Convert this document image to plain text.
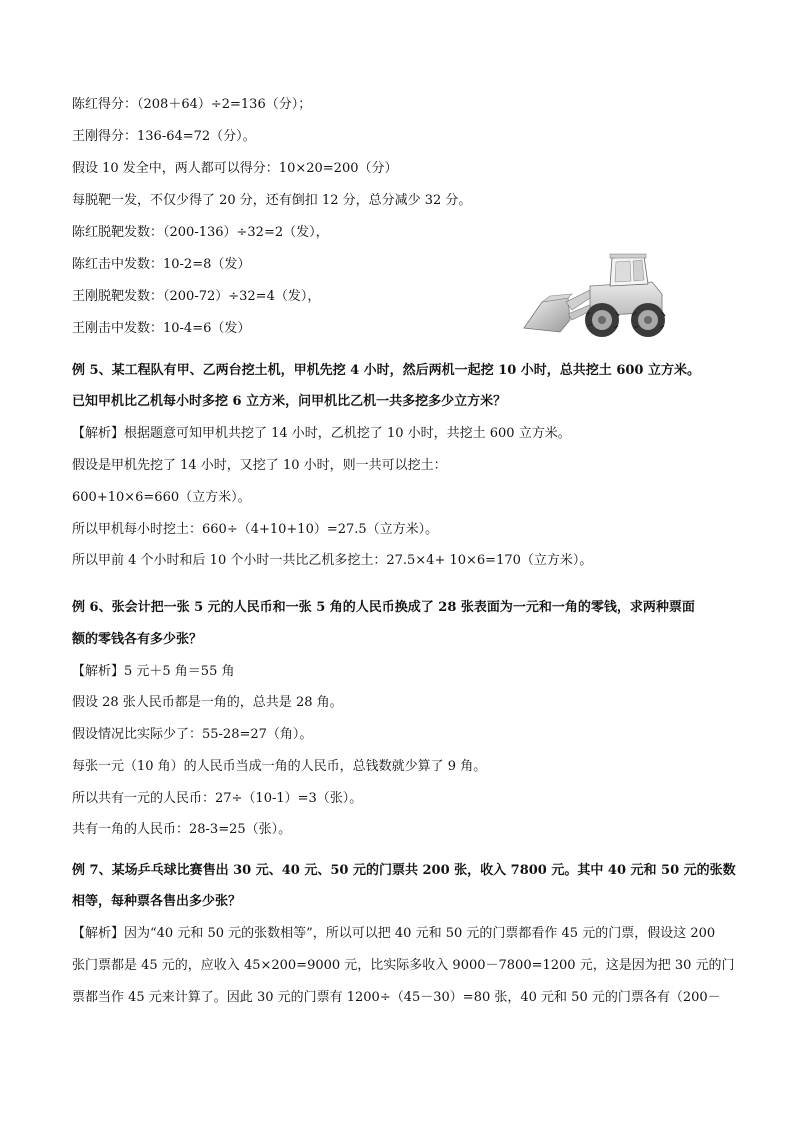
陈红得分：（208＋64）÷2=136（分）；
王刚得分：136-64=72（分）。
假设 10 发全中，两人都可以得分：10×20=200（分）
每脱靶一发，不仅少得了 20 分，还有倒扣 12 分，总分减少 32 分。
陈红脱靶发数：（200-136）÷32=2（发），
陈红击中发数：10-2=8（发）
王刚脱靶发数：（200-72）÷32=4（发），
王刚击中发数：10-4=6（发）
例 5、某工程队有甲、乙两台挖土机，甲机先挖 4 小时，然后两机一起挖 10 小时，总共挖土 600 立方米。
已知甲机比乙机每小时多挖 6 立方米，问甲机比乙机一共多挖多少立方米？
【解析】根据题意可知甲机共挖了 14 小时，乙机挖了 10 小时，共挖土 600 立方米。
假设是甲机先挖了 14 小时，又挖了 10 小时，则一共可以挖土：
600+10×6=660（立方米）。
所以甲机每小时挖土：660÷（4+10+10）=27.5（立方米）。
所以甲前 4 个小时和后 10 个小时一共比乙机多挖土：27.5×4+ 10×6=170（立方米）。
例 6、张会计把一张 5 元的人民币和一张 5 角的人民币换成了 28 张表面为一元和一角的零钱，求两种票面
额的零钱各有多少张？
【解析】5 元＋5 角＝55 角
假设 28 张人民币都是一角的，总共是 28 角。
假设情况比实际少了：55-28=27（角）。
每张一元（10 角）的人民币当成一角的人民币，总钱数就少算了 9 角。
所以共有一元的人民币：27÷（10-1）=3（张）。
共有一角的人民币：28-3=25（张）。
例 7、某场乒乓球比赛售出 30 元、40 元、50 元的门票共 200 张，收入 7800 元。其中 40 元和 50 元的张数
相等，每种票各售出多少张？
【解析】因为“40 元和 50 元的张数相等”，所以可以把 40 元和 50 元的门票都看作 45 元的门票，假设这 200
张门票都是 45 元的，应收入 45×200=9000 元，比实际多收入 9000－7800=1200 元，这是因为把 30 元的门
票都当作 45 元来计算了。因此 30 元的门票有 1200÷（45－30）=80 张，40 元和 50 元的门票各有（200－
